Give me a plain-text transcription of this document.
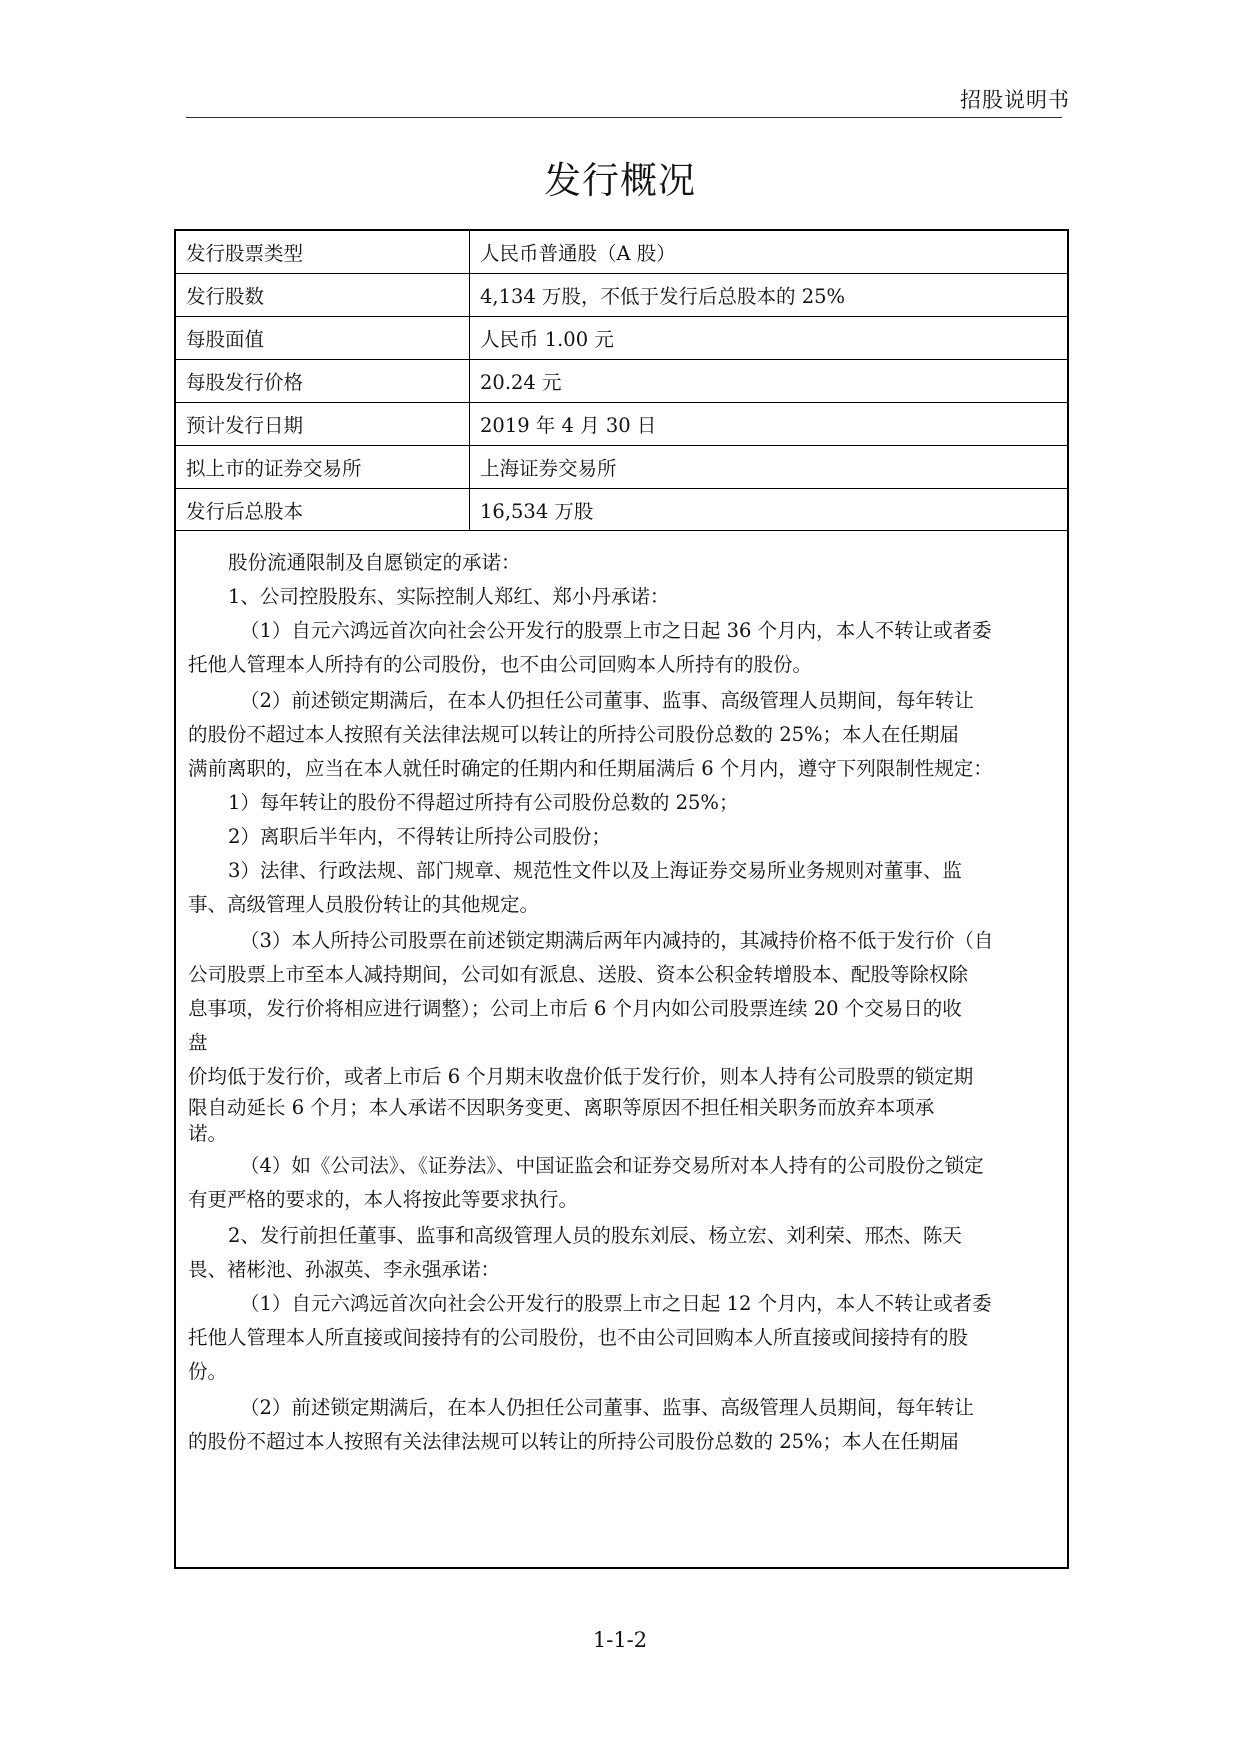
招股说明书
发行概况
发行股票类型	人民币普通股（A 股）
发行股数	4,134 万股，不低于发行后总股本的 25%
每股面值	人民币 1.00 元
每股发行价格	20.24 元
预计发行日期	2019 年 4 月 30 日
拟上市的证券交易所	上海证券交易所
发行后总股本	16,534 万股
股份流通限制及自愿锁定的承诺：
1、公司控股股东、实际控制人郑红、郑小丹承诺：
（1）自元六鸿远首次向社会公开发行的股票上市之日起 36 个月内，本人不转让或者委
托他人管理本人所持有的公司股份，也不由公司回购本人所持有的股份。
（2）前述锁定期满后，在本人仍担任公司董事、监事、高级管理人员期间，每年转让
的股份不超过本人按照有关法律法规可以转让的所持公司股份总数的 25%；本人在任期届
满前离职的，应当在本人就任时确定的任期内和任期届满后 6 个月内，遵守下列限制性规定：
1）每年转让的股份不得超过所持有公司股份总数的 25%；
2）离职后半年内，不得转让所持公司股份；
3）法律、行政法规、部门规章、规范性文件以及上海证券交易所业务规则对董事、监
事、高级管理人员股份转让的其他规定。
（3）本人所持公司股票在前述锁定期满后两年内减持的，其减持价格不低于发行价（自
公司股票上市至本人减持期间，公司如有派息、送股、资本公积金转增股本、配股等除权除
息事项，发行价将相应进行调整）；公司上市后 6 个月内如公司股票连续 20 个交易日的收
盘
价均低于发行价，或者上市后 6 个月期末收盘价低于发行价，则本人持有公司股票的锁定期
限自动延长 6 个月；本人承诺不因职务变更、离职等原因不担任相关职务而放弃本项承
诺。
（4）如《公司法》、《证券法》、中国证监会和证券交易所对本人持有的公司股份之锁定
有更严格的要求的，本人将按此等要求执行。
2、发行前担任董事、监事和高级管理人员的股东刘辰、杨立宏、刘利荣、邢杰、陈天
畏、褚彬池、孙淑英、李永强承诺：
（1）自元六鸿远首次向社会公开发行的股票上市之日起 12 个月内，本人不转让或者委
托他人管理本人所直接或间接持有的公司股份，也不由公司回购本人所直接或间接持有的股
份。
（2）前述锁定期满后，在本人仍担任公司董事、监事、高级管理人员期间，每年转让
的股份不超过本人按照有关法律法规可以转让的所持公司股份总数的 25%；本人在任期届
1-1-2
